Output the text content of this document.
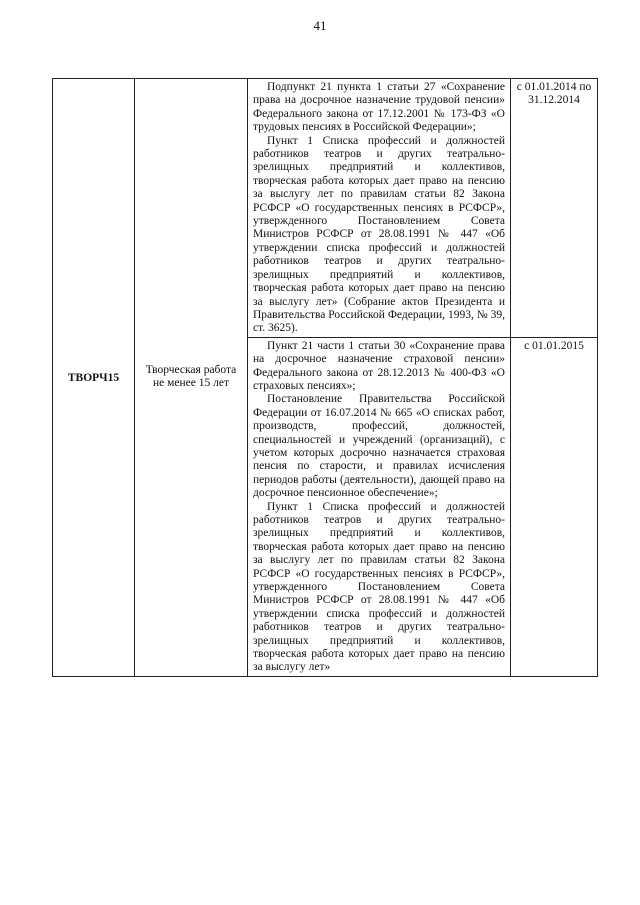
41
ТВОРЧ15	Творческая работа не менее 15 лет	Подпункт 21 пункта 1 статьи 27 «Сохранение права на досрочное назначение трудовой пенсии» Федерального закона от 17.12.2001 № 173-ФЗ «О трудовых пенсиях в Российской Федерации»;

Пункт 1 Списка профессий и должностей работников театров и других театрально-зрелищных предприятий и коллективов, творческая работа которых дает право на пенсию за выслугу лет по правилам статьи 82 Закона РСФСР «О государственных пенсиях в РСФСР», утвержденного Постановлением Совета Министров РСФСР от 28.08.1991 № 447 «Об утверждении списка профессий и должностей работников театров и других театрально-зрелищных предприятий и коллективов, творческая работа которых дает право на пенсию за выслугу лет» (Собрание актов Президента и Правительства Российской Федерации, 1993, № 39, ст. 3625).	с 01.01.2014 по 31.12.2014

		Пункт 21 части 1 статьи 30 «Сохранение права на досрочное назначение страховой пенсии» Федерального закона от 28.12.2013 № 400-ФЗ «О страховых пенсиях»;

Постановление Правительства Российской Федерации от 16.07.2014 № 665 «О списках работ, производств, профессий, должностей, специальностей и учреждений (организаций), с учетом которых досрочно назначается страховая пенсия по старости, и правилах исчисления периодов работы (деятельности), дающей право на досрочное пенсионное обеспечение»;

Пункт 1 Списка профессий и должностей работников театров и других театрально-зрелищных предприятий и коллективов, творческая работа которых дает право на пенсию за выслугу лет по правилам статьи 82 Закона РСФСР «О государственных пенсиях в РСФСР», утвержденного Постановлением Совета Министров РСФСР от 28.08.1991 № 447 «Об утверждении списка профессий и должностей работников театров и других театрально-зрелищных предприятий и коллективов, творческая работа которых дает право на пенсию за выслугу лет»	с 01.01.2015
